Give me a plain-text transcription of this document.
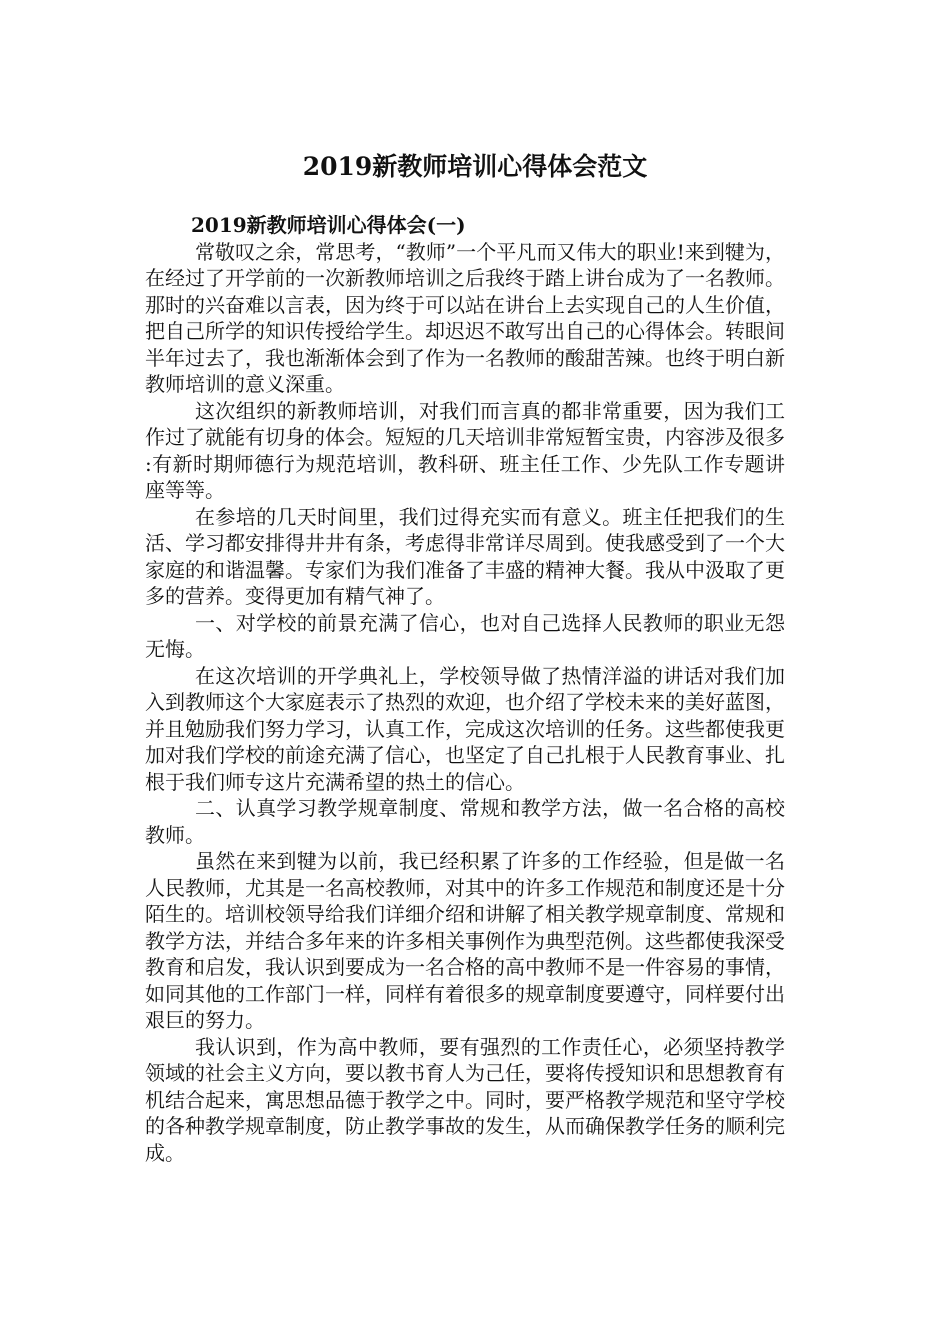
2019新教师培训心得体会范文

2019新教师培训心得体会(一)

常敬叹之余，常思考，“教师”一个平凡而又伟大的职业!来到犍为，在经过了开学前的一次新教师培训之后我终于踏上讲台成为了一名教师。那时的兴奋难以言表，因为终于可以站在讲台上去实现自己的人生价值，把自己所学的知识传授给学生。却迟迟不敢写出自己的心得体会。转眼间半年过去了，我也渐渐体会到了作为一名教师的酸甜苦辣。也终于明白新教师培训的意义深重。

这次组织的新教师培训，对我们而言真的都非常重要，因为我们工作过了就能有切身的体会。短短的几天培训非常短暂宝贵，内容涉及很多:有新时期师德行为规范培训，教科研、班主任工作、少先队工作专题讲座等等。

在参培的几天时间里，我们过得充实而有意义。班主任把我们的生活、学习都安排得井井有条，考虑得非常详尽周到。使我感受到了一个大家庭的和谐温馨。专家们为我们准备了丰盛的精神大餐。我从中汲取了更多的营养。变得更加有精气神了。

一、对学校的前景充满了信心，也对自己选择人民教师的职业无怨无悔。

在这次培训的开学典礼上，学校领导做了热情洋溢的讲话对我们加入到教师这个大家庭表示了热烈的欢迎，也介绍了学校未来的美好蓝图，并且勉励我们努力学习，认真工作，完成这次培训的任务。这些都使我更加对我们学校的前途充满了信心，也坚定了自己扎根于人民教育事业、扎根于我们师专这片充满希望的热土的信心。

二、认真学习教学规章制度、常规和教学方法，做一名合格的高校教师。

虽然在来到犍为以前，我已经积累了许多的工作经验，但是做一名人民教师，尤其是一名高校教师，对其中的许多工作规范和制度还是十分陌生的。培训校领导给我们详细介绍和讲解了相关教学规章制度、常规和教学方法，并结合多年来的许多相关事例作为典型范例。这些都使我深受教育和启发，我认识到要成为一名合格的高中教师不是一件容易的事情，如同其他的工作部门一样，同样有着很多的规章制度要遵守，同样要付出艰巨的努力。

我认识到，作为高中教师，要有强烈的工作责任心，必须坚持教学领域的社会主义方向，要以教书育人为己任，要将传授知识和思想教育有机结合起来，寓思想品德于教学之中。同时，要严格教学规范和坚守学校的各种教学规章制度，防止教学事故的发生，从而确保教学任务的顺利完成。
